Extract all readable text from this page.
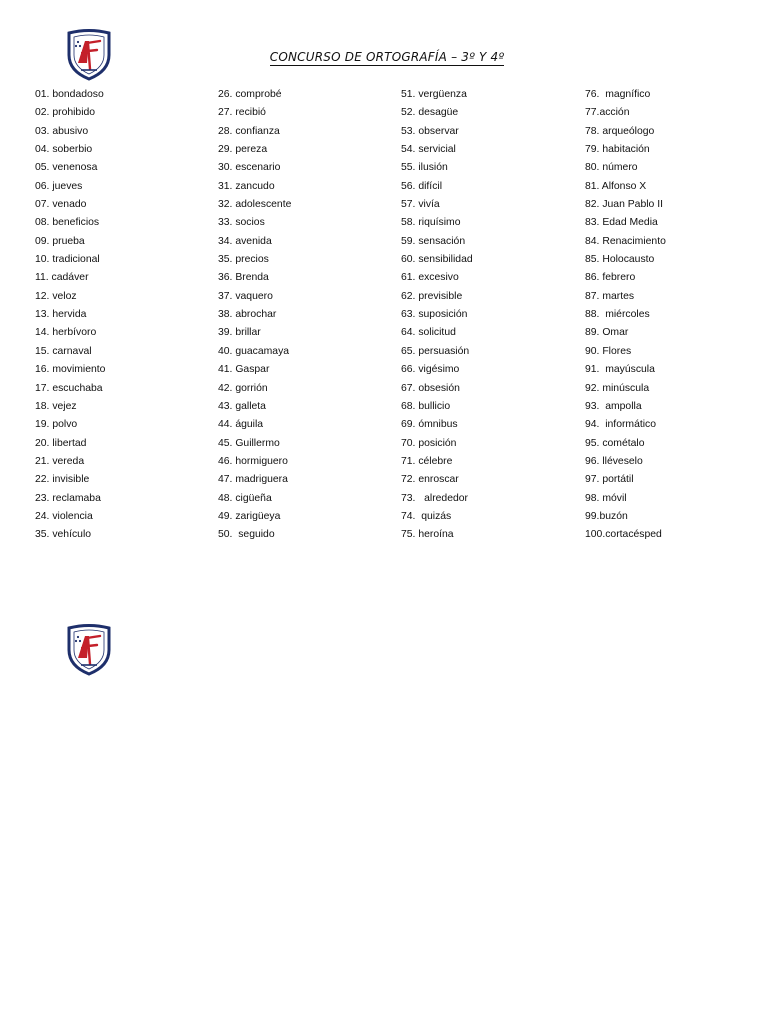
CONCURSO DE ORTOGRAFÍA – 3º Y 4º
01. bondadoso
02. prohibido
03. abusivo
04. soberbio
05. venenosa
06. jueves
07. venado
08. beneficios
09. prueba
10. tradicional
11. cadáver
12. veloz
13. hervida
14. herbívoro
15. carnaval
16. movimiento
17. escuchaba
18. vejez
19. polvo
20. libertad
21. vereda
22. invisible
23. reclamaba
24. violencia
35. vehículo
26. comprobé
27. recibió
28. confianza
29. pereza
30. escenario
31. zancudo
32. adolescente
33. socios
34. avenida
35. precios
36. Brenda
37. vaquero
38. abrochar
39. brillar
40. guacamaya
41. Gaspar
42. gorrión
43. galleta
44. águila
45. Guillermo
46. hormiguero
47. madriguera
48. cigüeña
49. zarigüeya
50.  seguido
51. vergüenza
52. desagüe
53. observar
54. servicial
55. ilusión
56. difícil
57. vivía
58. riquísimo
59. sensación
60. sensibilidad
61. excesivo
62. previsible
63. suposición
64. solicitud
65. persuasión
66. vigésimo
67. obsesión
68. bullicio
69. ómnibus
70. posición
71. célebre
72. enroscar
73.   alrededor
74.  quizás
75. heroína
76.  magnífico
77.acción
78. arqueólogo
79. habitación
80. número
81. Alfonso X
82. Juan Pablo II
83. Edad Media
84. Renacimiento
85. Holocausto
86. febrero
87. martes
88.  miércoles
89. Omar
90. Flores
91.  mayúscula
92. minúscula
93.  ampolla
94.  informático
95. cométalo
96. lléveselo
97. portátil
98. móvil
99.buzón
100.cortacésped
